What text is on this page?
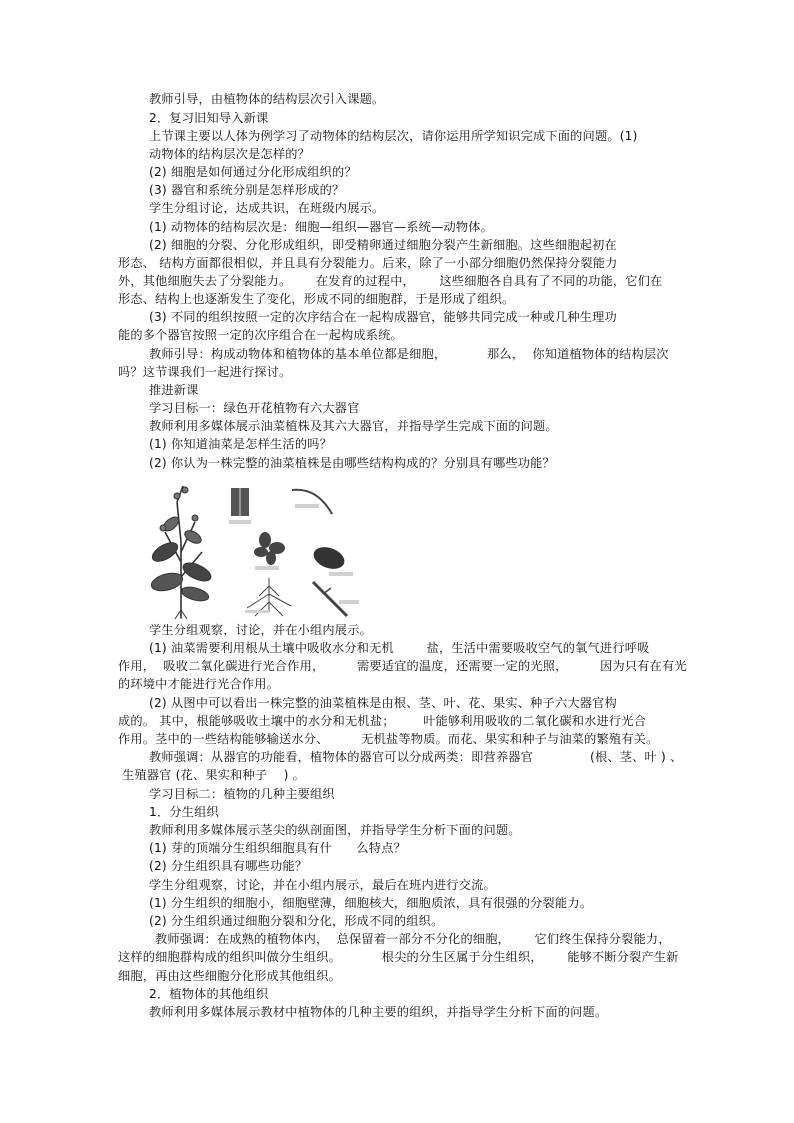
教师引导，由植物体的结构层次引入课题。
2．复习旧知导入新课
上节课主要以人体为例学习了动物体的结构层次，请你运用所学知识完成下面的问题。(1)
动物体的结构层次是怎样的？
(2) 细胞是如何通过分化形成组织的？
(3) 器官和系统分别是怎样形成的？
学生分组讨论，达成共识，在班级内展示。
(1) 动物体的结构层次是：细胞—组织—器官—系统—动物体。
(2) 细胞的分裂、分化形成组织，即受精卵通过细胞分裂产生新细胞。这些细胞起初在
形态、 结构方面都很相似，并且具有分裂能力。后来，除了一小部分细胞仍然保持分裂能力
外，其他细胞失去了分裂能力。      在发育的过程中，      这些细胞各自具有了不同的功能，它们在
形态、结构上也逐渐发生了变化，形成不同的细胞群，于是形成了组织。
(3) 不同的组织按照一定的次序结合在一起构成器官，能够共同完成一种或几种生理功
能的多个器官按照一定的次序组合在一起构成系统。
教师引导：构成动物体和植物体的基本单位都是细胞，          那么，  你知道植物体的结构层次
吗？这节课我们一起进行探讨。
推进新课
学习目标一：绿色开花植物有六大器官
教师利用多媒体展示油菜植株及其六大器官，并指导学生完成下面的问题。
(1) 你知道油菜是怎样生活的吗？
(2) 你认为一株完整的油菜植株是由哪些结构构成的？分别具有哪些功能？
学生分组观察，讨论，并在小组内展示。
(1) 油菜需要利用根从土壤中吸收水分和无机        盐，生活中需要吸收空气的氧气进行呼吸
作用，  吸收二氧化碳进行光合作用，        需要适宜的温度，还需要一定的光照，        因为只有在有光
的环境中才能进行光合作用。
(2) 从图中可以看出一株完整的油菜植株是由根、茎、叶、花、果实、种子六大器官构
成的。 其中，根能够吸收土壤中的水分和无机盐；       叶能够利用吸收的二氧化碳和水进行光合
作用。茎中的一些结构能够输送水分、        无机盐等物质。而花、果实和种子与油菜的繁殖有关。
教师强调：从器官的功能看，植物体的器官可以分成两类：即营养器官              (根、茎、叶 ) 、
生殖器官 (花、果实和种子    ) 。
学习目标二：植物的几种主要组织
1．分生组织
教师利用多媒体展示茎尖的纵剖面图，并指导学生分析下面的问题。
(1) 芽的顶端分生组织细胞具有什      么特点？
(2) 分生组织具有哪些功能？
学生分组观察，讨论，并在小组内展示，最后在班内进行交流。
(1) 分生组织的细胞小，细胞壁薄，细胞核大，细胞质浓，具有很强的分裂能力。
(2) 分生组织通过细胞分裂和分化，形成不同的组织。
教师强调：在成熟的植物体内，  总保留着一部分不分化的细胞，      它们终生保持分裂能力，
这样的细胞群构成的组织叫做分生组织。          根尖的分生区属于分生组织，      能够不断分裂产生新
细胞，再由这些细胞分化形成其他组织。
2．植物体的其他组织
教师利用多媒体展示教材中植物体的几种主要的组织，并指导学生分析下面的问题。
